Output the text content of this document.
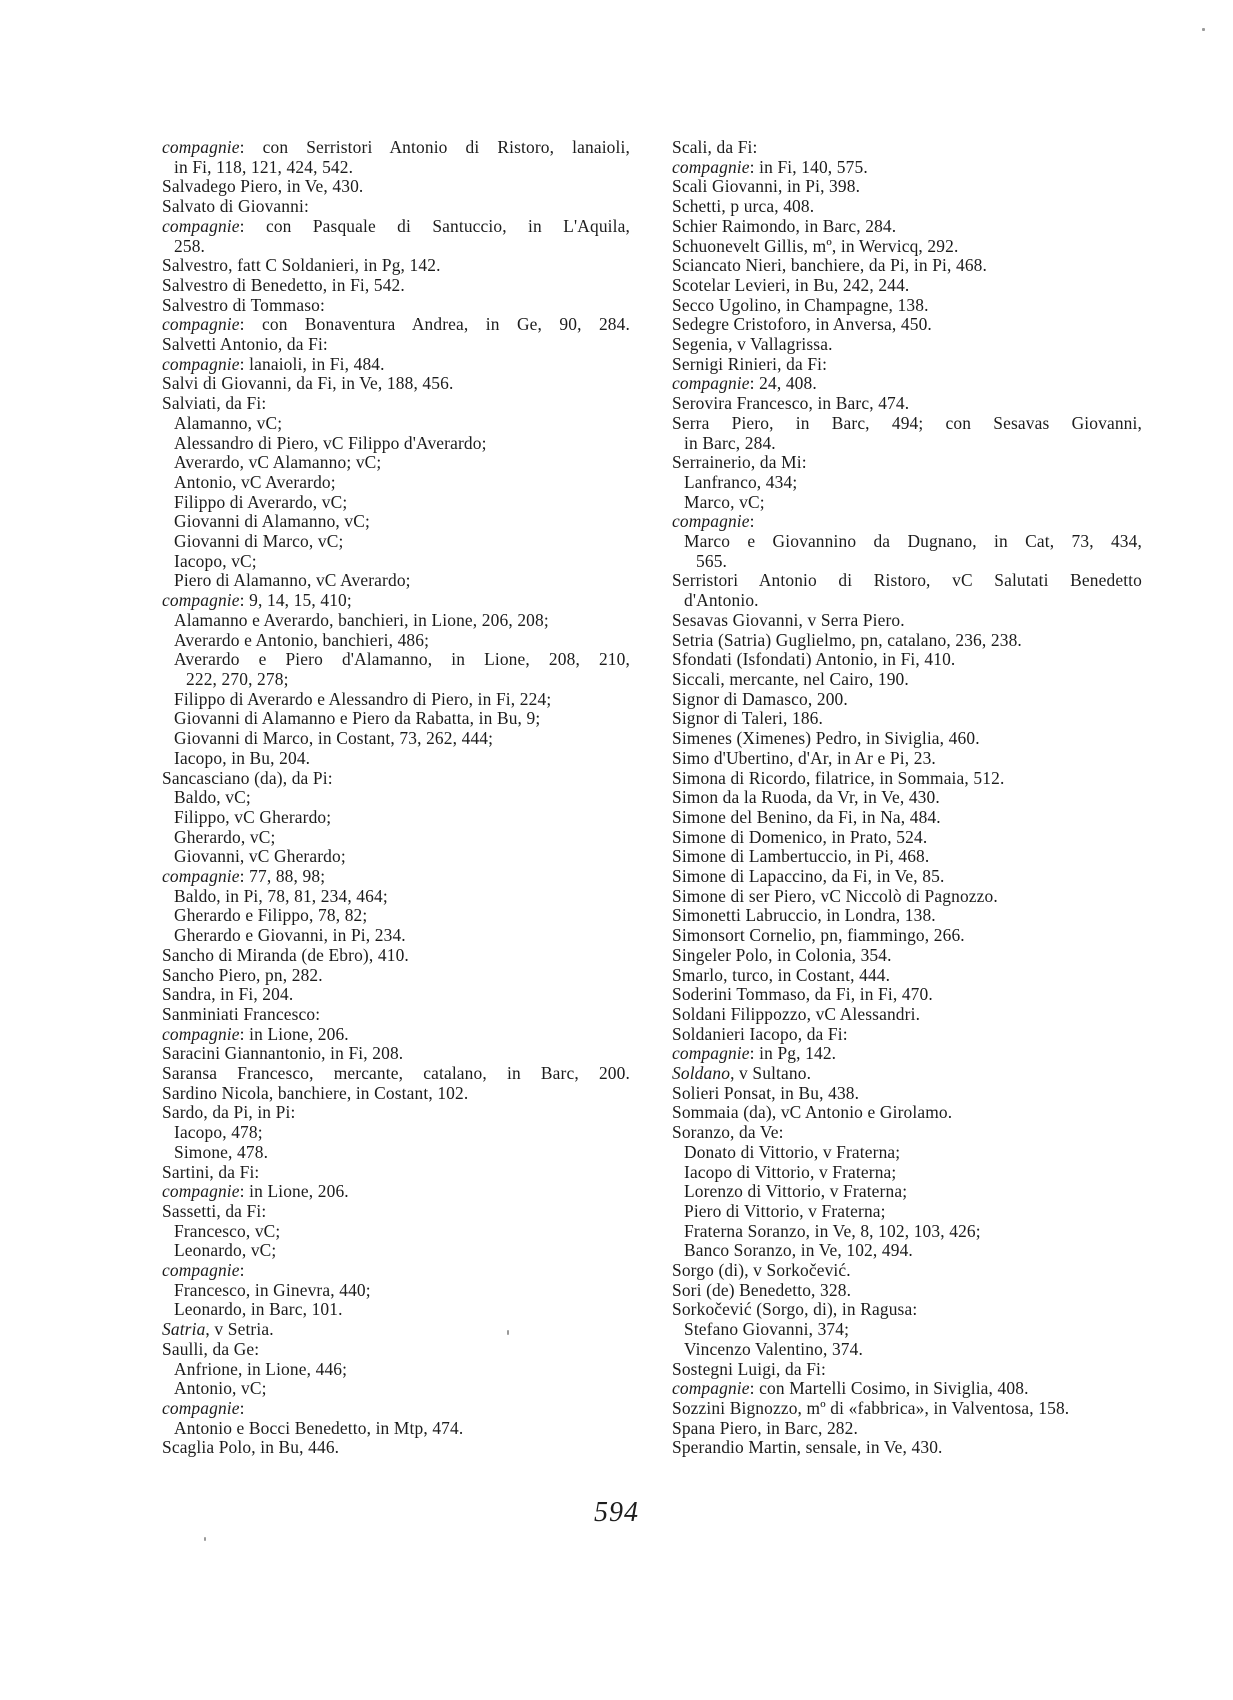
compagnie: con Serristori Antonio di Ristoro, lanaioli,
in Fi, 118, 121, 424, 542.
Salvadego Piero, in Ve, 430.
Salvato di Giovanni:
compagnie: con Pasquale di Santuccio, in L'Aquila,
258.
Salvestro, fatt C Soldanieri, in Pg, 142.
Salvestro di Benedetto, in Fi, 542.
Salvestro di Tommaso:
compagnie: con Bonaventura Andrea, in Ge, 90, 284.
Salvetti Antonio, da Fi:
compagnie: lanaioli, in Fi, 484.
Salvi di Giovanni, da Fi, in Ve, 188, 456.
Salviati, da Fi:
Alamanno, vC;
Alessandro di Piero, vC Filippo d'Averardo;
Averardo, vC Alamanno; vC;
Antonio, vC Averardo;
Filippo di Averardo, vC;
Giovanni di Alamanno, vC;
Giovanni di Marco, vC;
Iacopo, vC;
Piero di Alamanno, vC Averardo;
compagnie: 9, 14, 15, 410;
Alamanno e Averardo, banchieri, in Lione, 206, 208;
Averardo e Antonio, banchieri, 486;
Averardo e Piero d'Alamanno, in Lione, 208, 210,
222, 270, 278;
Filippo di Averardo e Alessandro di Piero, in Fi, 224;
Giovanni di Alamanno e Piero da Rabatta, in Bu, 9;
Giovanni di Marco, in Costant, 73, 262, 444;
Iacopo, in Bu, 204.
Sancasciano (da), da Pi:
Baldo, vC;
Filippo, vC Gherardo;
Gherardo, vC;
Giovanni, vC Gherardo;
compagnie: 77, 88, 98;
Baldo, in Pi, 78, 81, 234, 464;
Gherardo e Filippo, 78, 82;
Gherardo e Giovanni, in Pi, 234.
Sancho di Miranda (de Ebro), 410.
Sancho Piero, pn, 282.
Sandra, in Fi, 204.
Sanminiati Francesco:
compagnie: in Lione, 206.
Saracini Giannantonio, in Fi, 208.
Saransa Francesco, mercante, catalano, in Barc, 200.
Sardino Nicola, banchiere, in Costant, 102.
Sardo, da Pi, in Pi:
Iacopo, 478;
Simone, 478.
Sartini, da Fi:
compagnie: in Lione, 206.
Sassetti, da Fi:
Francesco, vC;
Leonardo, vC;
compagnie:
Francesco, in Ginevra, 440;
Leonardo, in Barc, 101.
Satria, v Setria.
Saulli, da Ge:
Anfrione, in Lione, 446;
Antonio, vC;
compagnie:
Antonio e Bocci Benedetto, in Mtp, 474.
Scaglia Polo, in Bu, 446.
Scali, da Fi:
compagnie: in Fi, 140, 575.
Scali Giovanni, in Pi, 398.
Schetti, p urca, 408.
Schier Raimondo, in Barc, 284.
Schuonevelt Gillis, mº, in Wervicq, 292.
Sciancato Nieri, banchiere, da Pi, in Pi, 468.
Scotelar Levieri, in Bu, 242, 244.
Secco Ugolino, in Champagne, 138.
Sedegre Cristoforo, in Anversa, 450.
Segenia, v Vallagrissa.
Sernigi Rinieri, da Fi:
compagnie: 24, 408.
Serovira Francesco, in Barc, 474.
Serra Piero, in Barc, 494; con Sesavas Giovanni,
in Barc, 284.
Serrainerio, da Mi:
Lanfranco, 434;
Marco, vC;
compagnie:
Marco e Giovannino da Dugnano, in Cat, 73, 434,
565.
Serristori Antonio di Ristoro, vC Salutati Benedetto
d'Antonio.
Sesavas Giovanni, v Serra Piero.
Setria (Satria) Guglielmo, pn, catalano, 236, 238.
Sfondati (Isfondati) Antonio, in Fi, 410.
Siccali, mercante, nel Cairo, 190.
Signor di Damasco, 200.
Signor di Taleri, 186.
Simenes (Ximenes) Pedro, in Siviglia, 460.
Simo d'Ubertino, d'Ar, in Ar e Pi, 23.
Simona di Ricordo, filatrice, in Sommaia, 512.
Simon da la Ruoda, da Vr, in Ve, 430.
Simone del Benino, da Fi, in Na, 484.
Simone di Domenico, in Prato, 524.
Simone di Lambertuccio, in Pi, 468.
Simone di Lapaccino, da Fi, in Ve, 85.
Simone di ser Piero, vC Niccolò di Pagnozzo.
Simonetti Labruccio, in Londra, 138.
Simonsort Cornelio, pn, fiammingo, 266.
Singeler Polo, in Colonia, 354.
Smarlo, turco, in Costant, 444.
Soderini Tommaso, da Fi, in Fi, 470.
Soldani Filippozzo, vC Alessandri.
Soldanieri Iacopo, da Fi:
compagnie: in Pg, 142.
Soldano, v Sultano.
Solieri Ponsat, in Bu, 438.
Sommaia (da), vC Antonio e Girolamo.
Soranzo, da Ve:
Donato di Vittorio, v Fraterna;
Iacopo di Vittorio, v Fraterna;
Lorenzo di Vittorio, v Fraterna;
Piero di Vittorio, v Fraterna;
Fraterna Soranzo, in Ve, 8, 102, 103, 426;
Banco Soranzo, in Ve, 102, 494.
Sorgo (di), v Sorkočević.
Sori (de) Benedetto, 328.
Sorkočević (Sorgo, di), in Ragusa:
Stefano Giovanni, 374;
Vincenzo Valentino, 374.
Sostegni Luigi, da Fi:
compagnie: con Martelli Cosimo, in Siviglia, 408.
Sozzini Bignozzo, mº di «fabbrica», in Valventosa, 158.
Spana Piero, in Barc, 282.
Sperandio Martin, sensale, in Ve, 430.
594
